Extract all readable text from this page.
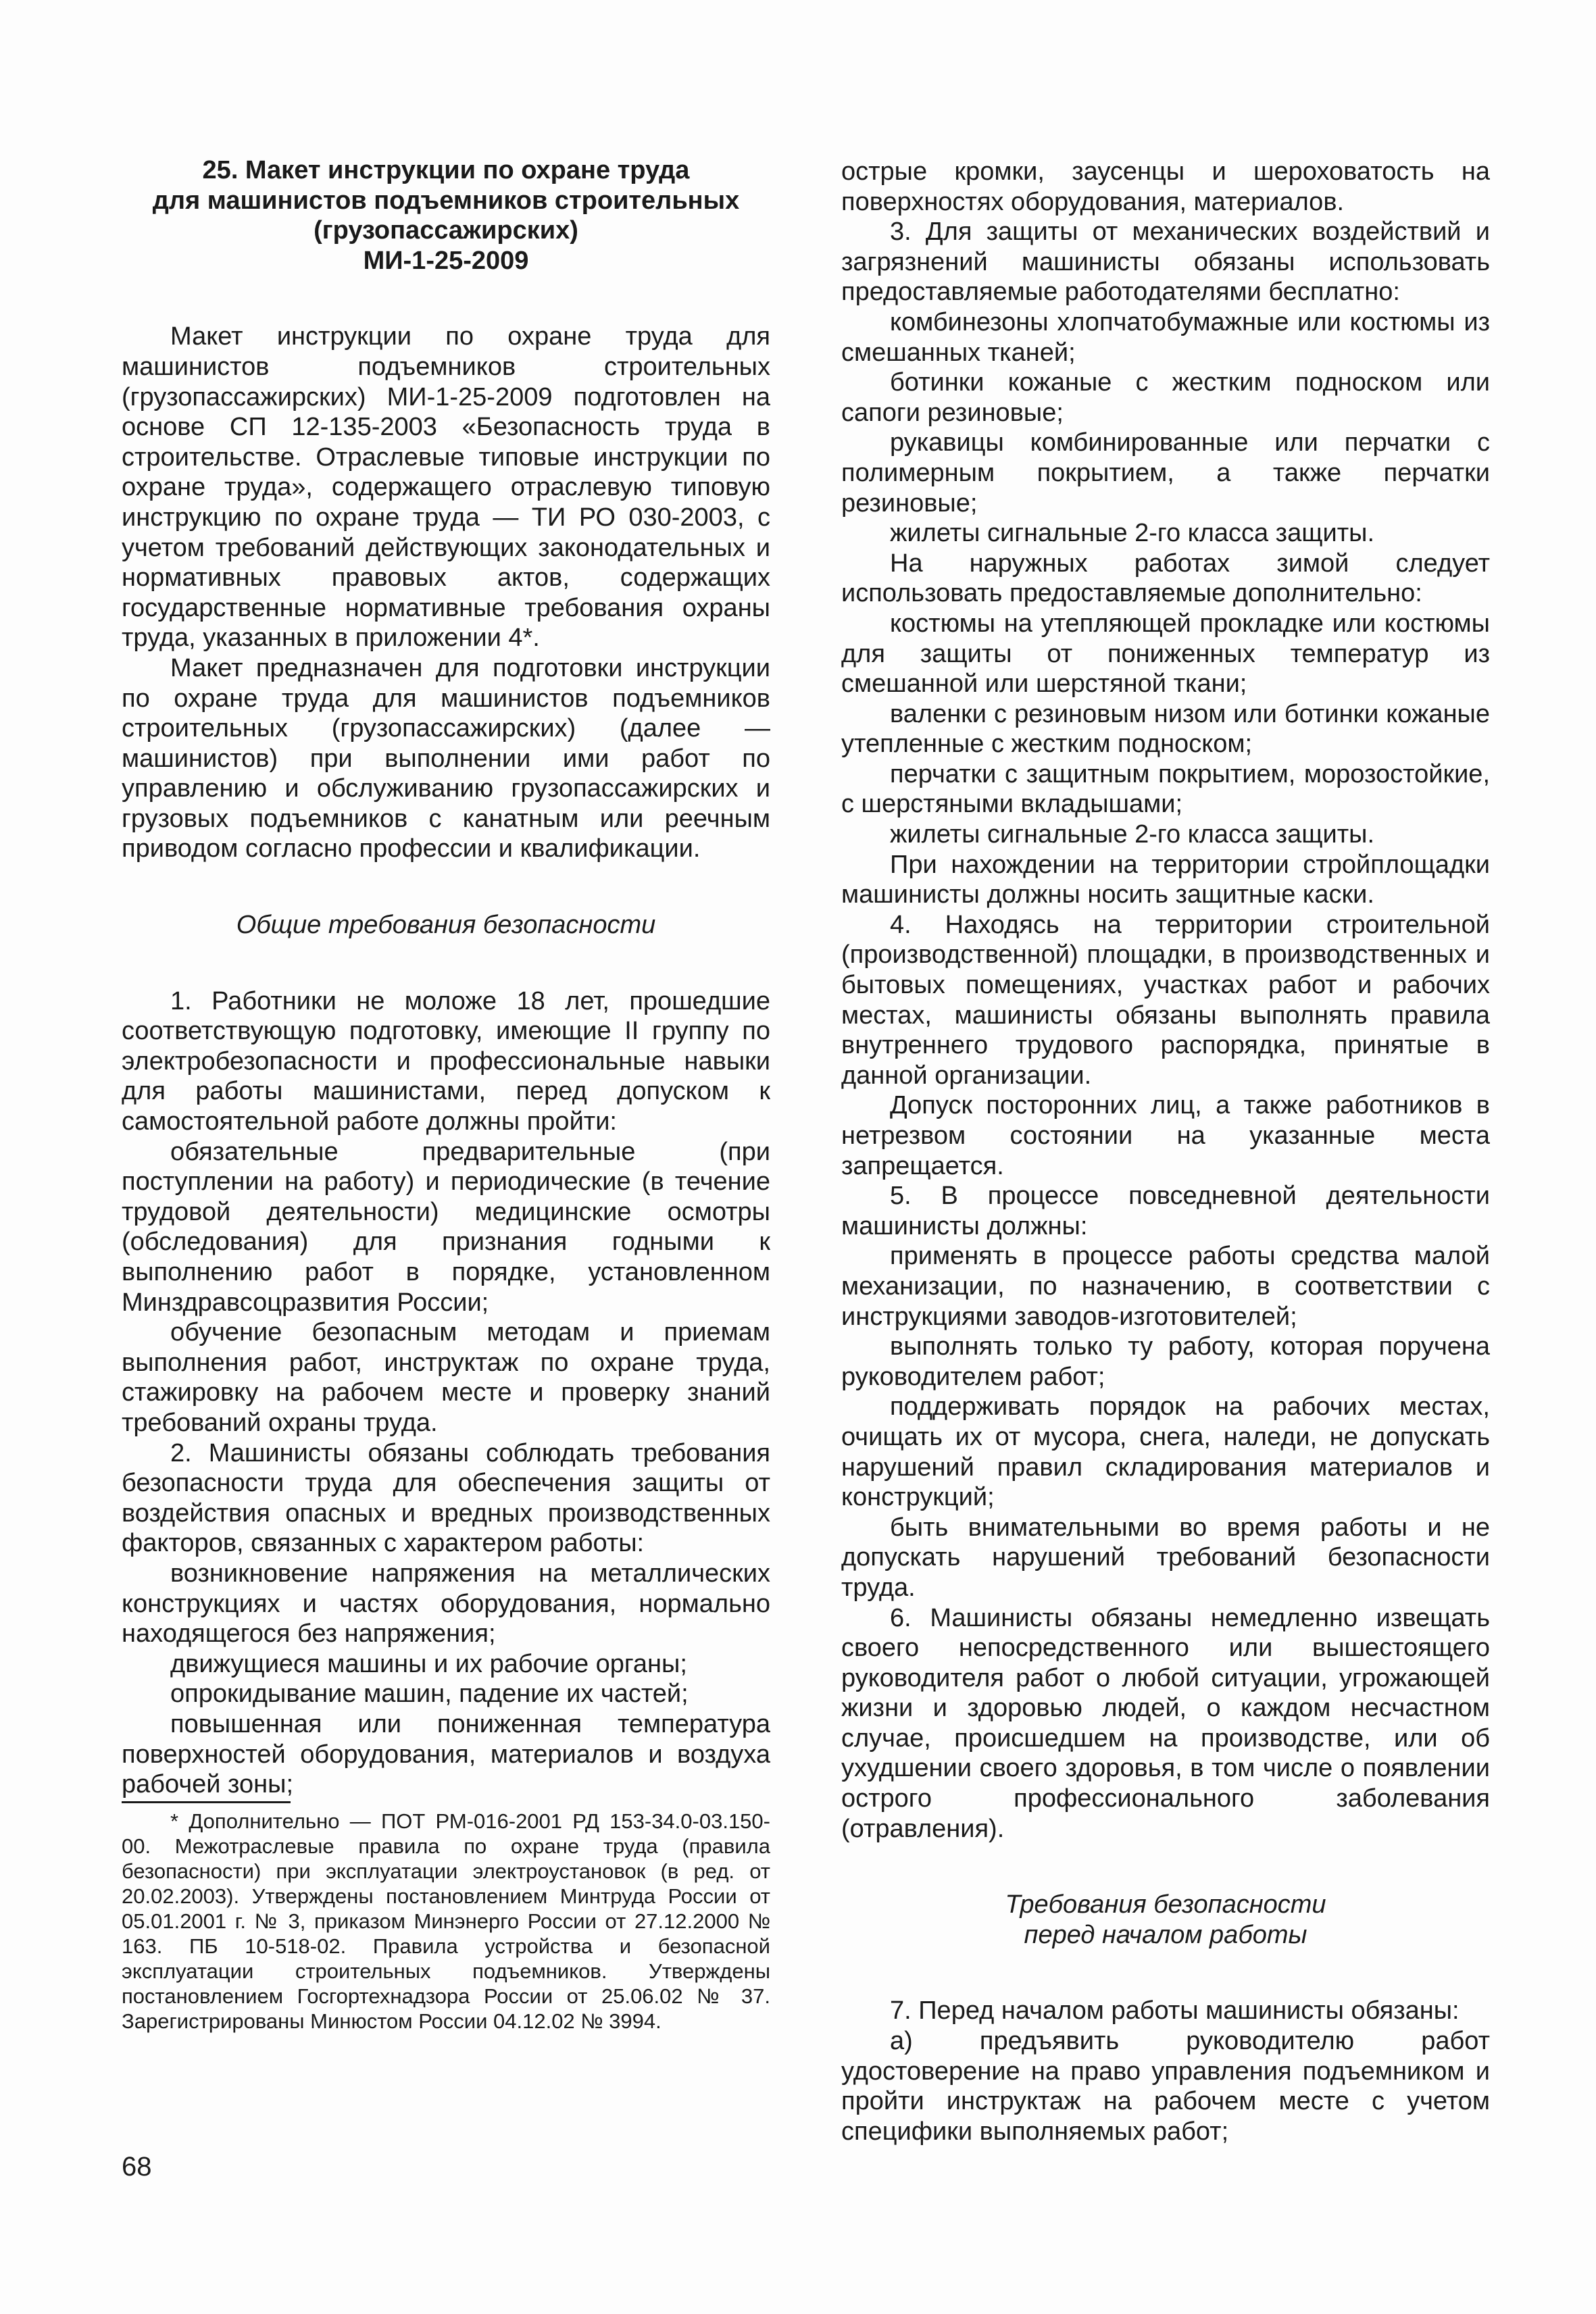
25. Макет инструкции по охране труда
для машинистов подъемников строительных
(грузопассажирских)
МИ-1-25-2009

Макет инструкции по охране труда для машинистов подъемников строительных (грузопассажирских) МИ-1-25-2009 подготовлен на основе СП 12-135-2003 «Безопасность труда в строительстве. Отраслевые типовые инструкции по охране труда», содержащего отраслевую типовую инструкцию по охране труда — ТИ РО 030-2003, с учетом требований действующих законодательных и нормативных правовых актов, содержащих государственные нормативные требования охраны труда, указанных в приложении 4*.

Макет предназначен для подготовки инструкции по охране труда для машинистов подъемников строительных (грузопассажирских) (далее — машинистов) при выполнении ими работ по управлению и обслуживанию грузопассажирских и грузовых подъемников с канатным или реечным приводом согласно профессии и квалификации.

Общие требования безопасности

1. Работники не моложе 18 лет, прошедшие соответствующую подготовку, имеющие II группу по электробезопасности и профессиональные навыки для работы машинистами, перед допуском к самостоятельной работе должны пройти:

обязательные предварительные (при поступлении на работу) и периодические (в течение трудовой деятельности) медицинские осмотры (обследования) для признания годными к выполнению работ в порядке, установленном Минздравсоцразвития России;

обучение безопасным методам и приемам выполнения работ, инструктаж по охране труда, стажировку на рабочем месте и проверку знаний требований охраны труда.

2. Машинисты обязаны соблюдать требования безопасности труда для обеспечения защиты от воздействия опасных и вредных производственных факторов, связанных с характером работы:

возникновение напряжения на металлических конструкциях и частях оборудования, нормально находящегося без напряжения;

движущиеся машины и их рабочие органы;

опрокидывание машин, падение их частей;

повышенная или пониженная температура поверхностей оборудования, материалов и воздуха рабочей зоны;

* Дополнительно — ПОТ РМ-016-2001 РД 153-34.0-03.150-00. Межотраслевые правила по охране труда (правила безопасности) при эксплуатации электроустановок (в ред. от 20.02.2003). Утверждены постановлением Минтруда России от 05.01.2001 г. № 3, приказом Минэнерго России от 27.12.2000 № 163. ПБ 10-518-02. Правила устройства и безопасной эксплуатации строительных подъемников. Утверждены постановлением Госгортехнадзора России от 25.06.02 № 37. Зарегистрированы Минюстом России 04.12.02 № 3994.

острые кромки, заусенцы и шероховатость на поверхностях оборудования, материалов.

3. Для защиты от механических воздействий и загрязнений машинисты обязаны использовать предоставляемые работодателями бесплатно:

комбинезоны хлопчатобумажные или костюмы из смешанных тканей;

ботинки кожаные с жестким подноском или сапоги резиновые;

рукавицы комбинированные или перчатки с полимерным покрытием, а также перчатки резиновые;

жилеты сигнальные 2-го класса защиты.

На наружных работах зимой следует использовать предоставляемые дополнительно:

костюмы на утепляющей прокладке или костюмы для защиты от пониженных температур из смешанной или шерстяной ткани;

валенки с резиновым низом или ботинки кожаные утепленные с жестким подноском;

перчатки с защитным покрытием, морозостойкие, с шерстяными вкладышами;

жилеты сигнальные 2-го класса защиты.

При нахождении на территории стройплощадки машинисты должны носить защитные каски.

4. Находясь на территории строительной (производственной) площадки, в производственных и бытовых помещениях, участках работ и рабочих местах, машинисты обязаны выполнять правила внутреннего трудового распорядка, принятые в данной организации.

Допуск посторонних лиц, а также работников в нетрезвом состоянии на указанные места запрещается.

5. В процессе повседневной деятельности машинисты должны:

применять в процессе работы средства малой механизации, по назначению, в соответствии с инструкциями заводов-изготовителей;

выполнять только ту работу, которая поручена руководителем работ;

поддерживать порядок на рабочих местах, очищать их от мусора, снега, наледи, не допускать нарушений правил складирования материалов и конструкций;

быть внимательными во время работы и не допускать нарушений требований безопасности труда.

6. Машинисты обязаны немедленно извещать своего непосредственного или вышестоящего руководителя работ о любой ситуации, угрожающей жизни и здоровью людей, о каждом несчастном случае, происшедшем на производстве, или об ухудшении своего здоровья, в том числе о появлении острого профессионального заболевания (отравления).

Требования безопасности
перед началом работы

7. Перед началом работы машинисты обязаны:

а) предъявить руководителю работ удостоверение на право управления подъемником и пройти инструктаж на рабочем месте с учетом специфики выполняемых работ;

68
